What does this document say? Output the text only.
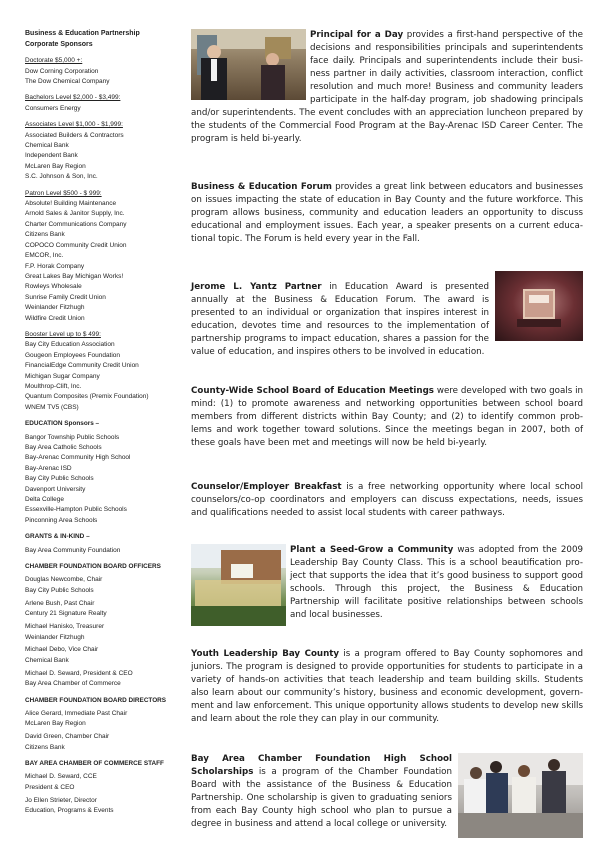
Business & Education Partnership
Corporate Sponsors
Doctorate $5,000 +:
Dow Corning Corporation
The Dow Chemical Company
Bachelors Level $2,000 - $3,499:
Consumers Energy
Associates Level $1,000 - $1,999:
Associated Builders & Contractors
Chemical Bank
Independent Bank
McLaren Bay Region
S.C. Johnson & Son, Inc.
Patron Level $500 - $ 999:
Absolute! Building Maintenance
Arnold Sales & Janitor Supply, Inc.
Charter Communications Company
Citizens Bank
COPOCO Community Credit Union
EMCOR, Inc.
F.P. Horak Company
Great Lakes Bay Michigan Works!
Rowleys Wholesale
Sunrise Family Credit Union
Weinlander Fitzhugh
Wildfire Credit Union
Booster Level up to $ 499:
Bay City Education Association
Gougeon Employees Foundation
FinancialEdge Community Credit Union
Michigan Sugar Company
Moulthrop-Clift, Inc.
Quantum Composites (Premix Foundation)
WNEM TV5 (CBS)
EDUCATION Sponsors –
Bangor Township Public Schools
Bay Area Catholic Schools
Bay-Arenac Community High School
Bay-Arenac ISD
Bay City Public Schools
Davenport University
Delta College
Essexville-Hampton Public Schools
Pinconning Area Schools
GRANTS & IN-KIND –
Bay Area Community Foundation
CHAMBER FOUNDATION BOARD OFFICERS
Douglas Newcombe, Chair
Bay City Public Schools
Arlene Bush, Past Chair
Century 21 Signature Realty
Michael Hanisko, Treasurer
Weinlander Fitzhugh
Michael Debo, Vice Chair
Chemical Bank
Michael D. Seward, President & CEO
Bay Area Chamber of Commerce
CHAMBER FOUNDATION BOARD DIRECTORS
Alice Gerard, Immediate Past Chair
McLaren Bay Region
David Green, Chamber Chair
Citizens Bank
BAY AREA CHAMBER OF COMMERCE STAFF
Michael D. Seward, CCE
President & CEO
Jo Ellen Strieter, Director
Education, Programs & Events

Principal for a Day provides a first-hand perspective of the decisions and responsibilities principals and superintendents face daily. Principals and superintendents include their busi- ness partner in daily activities, classroom interaction, conflict resolution and much more! Business and community leaders participate in the half-day program, job shadowing principals and/or superintendents. The event concludes with an appreciation luncheon prepared by the students of the Commercial Food Program at the Bay-Arenac ISD Career Center. The program is held bi-yearly.

Business & Education Forum provides a great link between educators and businesses on issues impacting the state of education in Bay County and the future workforce. This program allows business, community and education leaders an opportunity to discuss educational and employment issues. Each year, a speaker presents on a current educa- tional topic. The Forum is held every year in the Fall.

Jerome L. Yantz Partner in Education Award is presented annually at the Business & Education Forum. The award is presented to an individual or organization that inspires interest in education, devotes time and resources to the implementation of partnership programs to impact education, shares a passion for the value of education, and inspires others to be involved in education.

County-Wide School Board of Education Meetings were developed with two goals in mind: (1) to promote awareness and networking opportunities between school board members from different districts within Bay County; and (2) to identify common prob- lems and work together toward solutions. Since the meetings began in 2007, both of these goals have been met and meetings will now be held bi-yearly.

Counselor/Employer Breakfast is a free networking opportunity where local school counselors/co-op coordinators and employers can discuss expectations, needs, issues and qualifications needed to assist local students with career pathways.

Plant a Seed-Grow a Community was adopted from the 2009 Leadership Bay County Class. This is a school beautification pro- ject that supports the idea that it’s good business to support good schools. Through this project, the Business & Education Partnership will facilitate positive relationships between schools and local businesses.

Youth Leadership Bay County is a program offered to Bay County sophomores and juniors. The program is designed to provide opportunities for students to participate in a variety of hands-on activities that teach leadership and team building skills. Students also learn about our community’s history, business and economic development, govern- ment and law enforcement. This unique opportunity allows students to develop new skills and learn about the role they can play in our community.

Bay Area Chamber Foundation High School Scholarships is a program of the Chamber Foundation Board with the assistance of the Business & Education Partnership. One scholarship is given to graduating seniors from each Bay County high school who plan to pursue a degree in business and attend a local college or university.
